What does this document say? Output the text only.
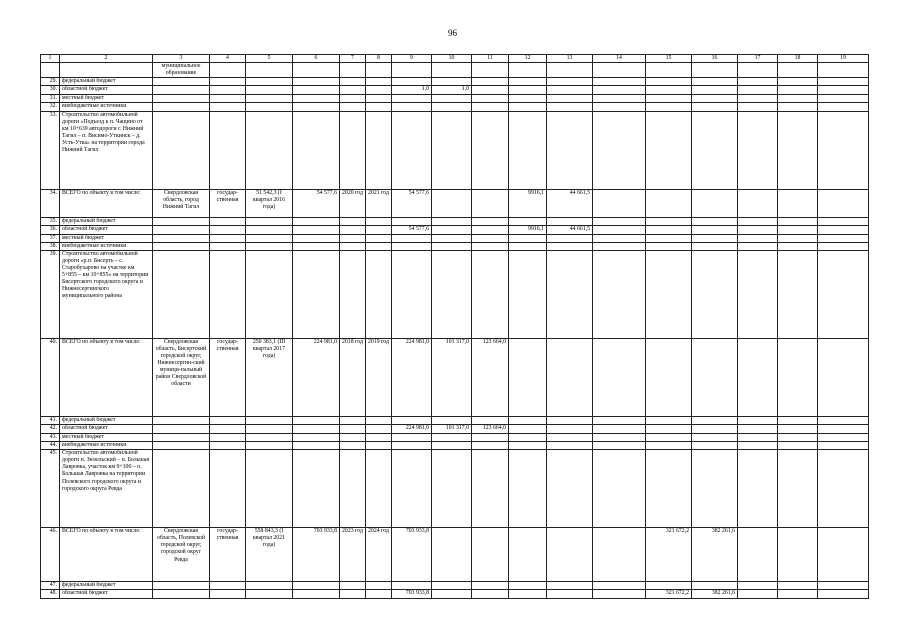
96
1	2	3	4	5	6	7	8	9	10	11	12	13	14	15	16	17	18	19
		муниципальное образование																
29.	федеральный бюджет																	
30.	областной бюджет							1,0	1,0									
31.	местный бюджет																	
32.	внебюджетные источники																	
33.	Строительство автомобильной дороги «Подъезд к п. Чащино от км 10+639 автодороги г. Нижний Тагил – п. Висимо-Уткинск – д. Усть-Утка» на территории города Нижний Тагил																	
34.	ВСЕГО по объекту в том числе:	Свердловская область, город Нижний Тагил	государ-ственная	51 542,3 (I квартал 2016 года)	54 577,6	2020 год	2021 год	54 577,6			9916,1	44 661,5						
35.	федеральный бюджет																	
36.	областной бюджет							54 577,6			9916,1	44 661,5						
37.	местный бюджет																	
38.	внебюджетные источники																	
39.	Строительство автомобильной дороги «р.п. Бисерть – с. Старобухарово на участке км 5+855 – км 10+855» на территории Бисертского городского округа и Нижнесергинского муниципального района																	
40.	ВСЕГО по объекту в том числе:	Свердловская область, Бисертский городской округ, Нижнесергин-ский муници-пальный район Свердловской области	государ-ственная	250 383,1 (III квартал 2017 года)	224 981,0	2018 год	2019 год	224 981,0	101 317,0	123 664,0								
41.	федеральный бюджет																	
42.	областной бюджет							224 981,0	101 317,0	123 664,0								
43.	местный бюджет																	
44.	внебюджетные источники																	
45.	Строительство автомобильной дороги п. Зюзельский – п. Большая Лавровка, участок км 9+100 – п. Большая Лавровка на территории Полевского городского округа и городского округа Ревда																	
46.	ВСЕГО по объекту в том числе:	Свердловская область, Полевской городской округ, городской округ Ревда	государ-ственная	558 843,3 (I квартал 2021 года)	703 933,8	2023 год	2024 год	703 933,8						321 672,2	382 261,6			
47.	федеральный бюджет																	
48.	областной бюджет							703 933,8						321 672,2	382 261,6			
